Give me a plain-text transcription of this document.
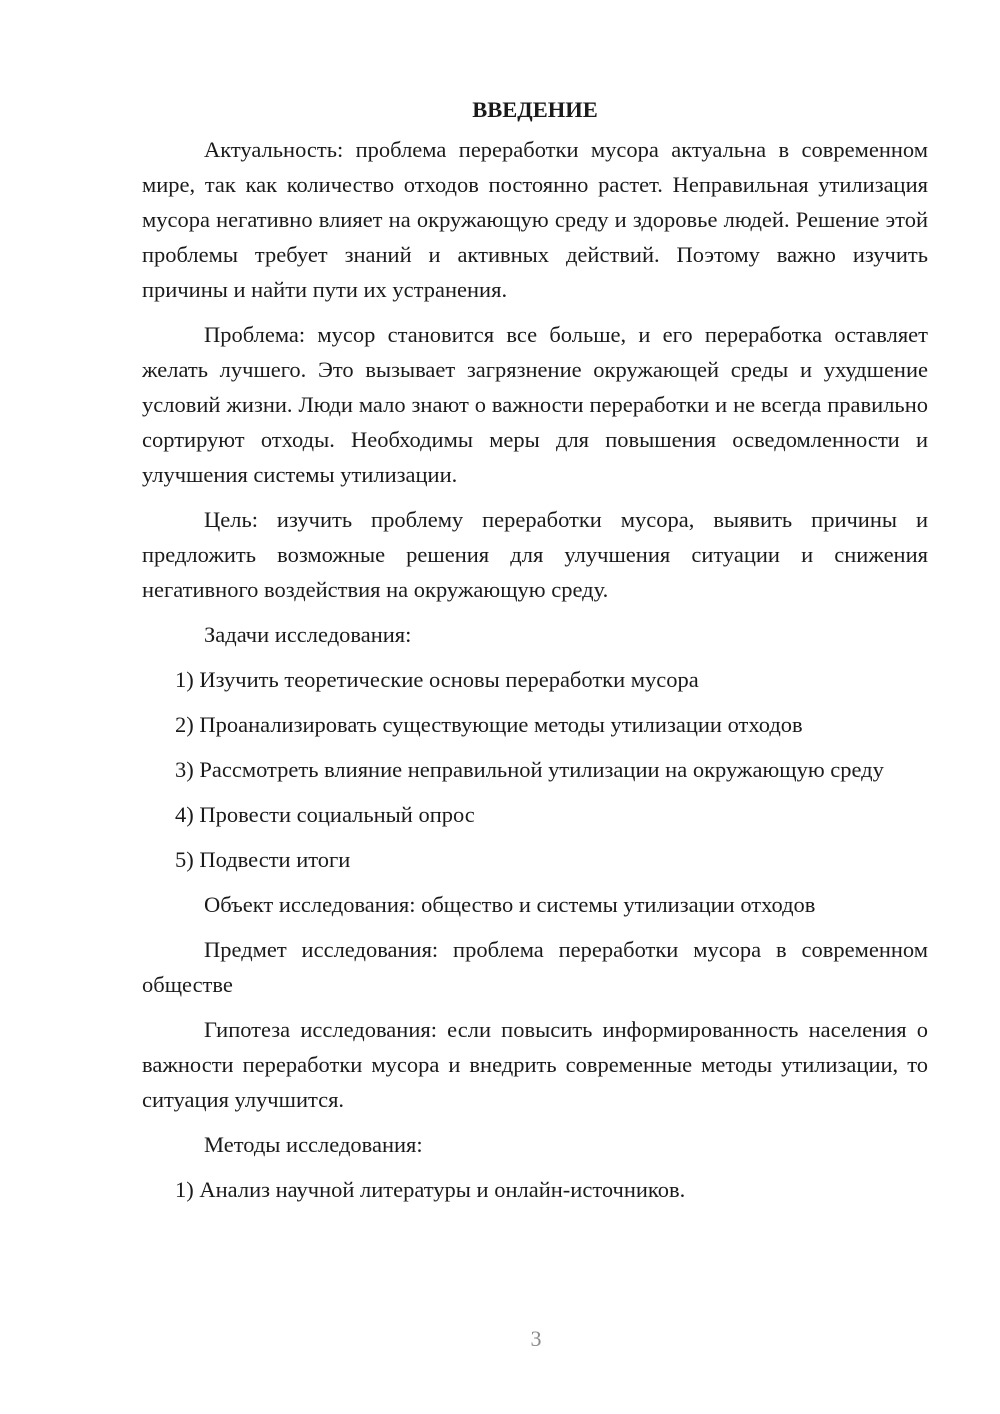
ВВЕДЕНИЕ

Актуальность: проблема переработки мусора актуальна в современном мире, так как количество отходов постоянно растет. Неправильная утилизация мусора негативно влияет на окружающую среду и здоровье людей. Решение этой проблемы требует знаний и активных действий. Поэтому важно изучить причины и найти пути их устранения.

Проблема: мусор становится все больше, и его переработка оставляет желать лучшего. Это вызывает загрязнение окружающей среды и ухудшение условий жизни. Люди мало знают о важности переработки и не всегда правильно сортируют отходы. Необходимы меры для повышения осведомленности и улучшения системы утилизации.

Цель: изучить проблему переработки мусора, выявить причины и предложить возможные решения для улучшения ситуации и снижения негативного воздействия на окружающую среду.

Задачи исследования:

1) Изучить теоретические основы переработки мусора

2) Проанализировать существующие методы утилизации отходов

3) Рассмотреть влияние неправильной утилизации на окружающую среду

4) Провести социальный опрос

5) Подвести итоги

Объект исследования: общество и системы утилизации отходов

Предмет исследования: проблема переработки мусора в современном обществе

Гипотеза исследования: если повысить информированность населения о важности переработки мусора и внедрить современные методы утилизации, то ситуация улучшится.

Методы исследования:

1) Анализ научной литературы и онлайн-источников.

3
